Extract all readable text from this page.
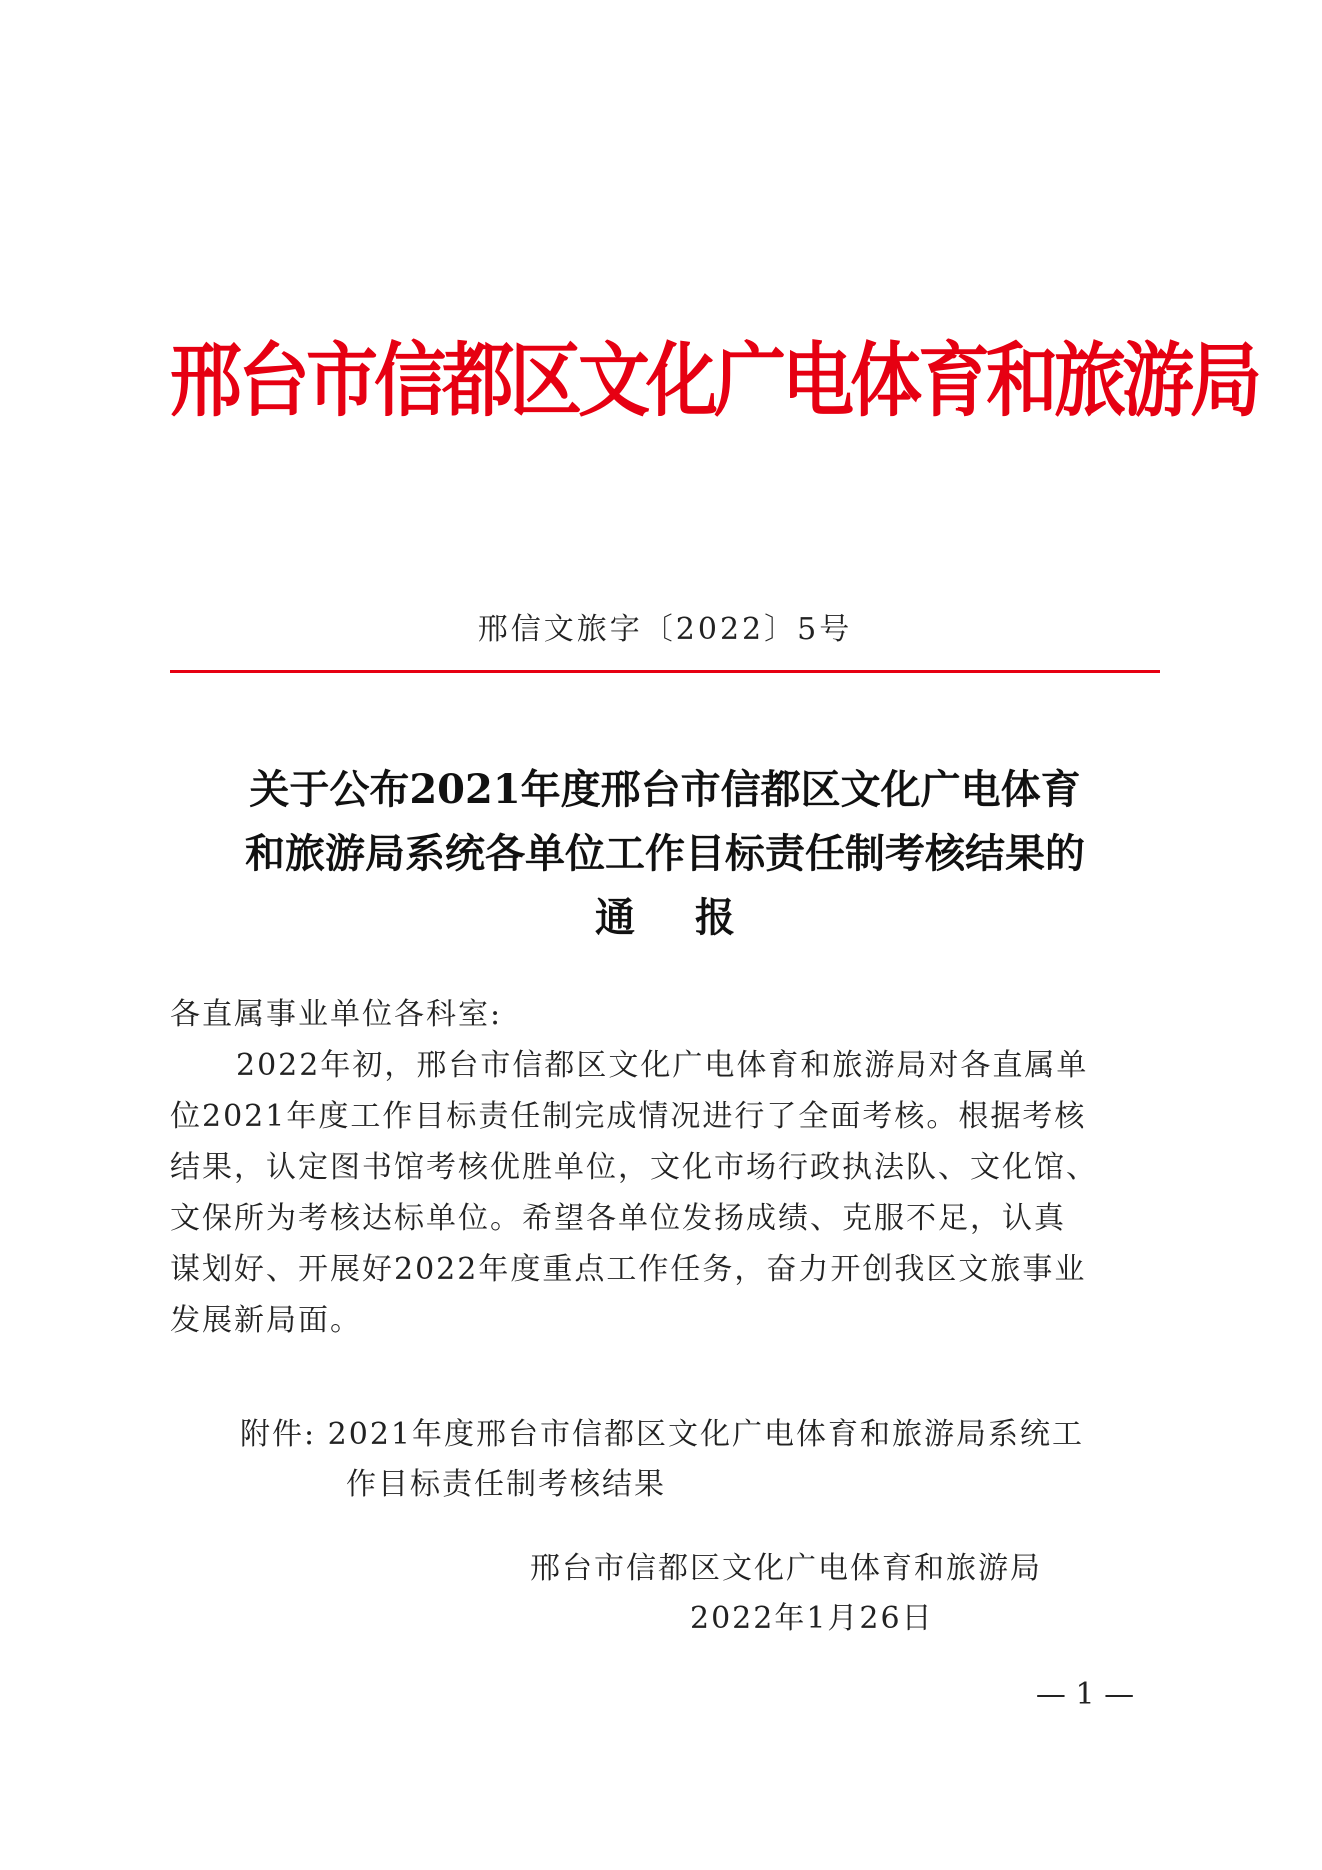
邢台市信都区文化广电体育和旅游局
邢信文旅字〔2022〕5号
关于公布2021年度邢台市信都区文化广电体育
和旅游局系统各单位工作目标责任制考核结果的
通报
各直属事业单位各科室:
2022年初，邢台市信都区文化广电体育和旅游局对各直属单
位2021年度工作目标责任制完成情况进行了全面考核。根据考核
结果，认定图书馆考核优胜单位，文化市场行政执法队、文化馆、
文保所为考核达标单位。希望各单位发扬成绩、克服不足，认真
谋划好、开展好2022年度重点工作任务，奋力开创我区文旅事业
发展新局面。
附件: 2021年度邢台市信都区文化广电体育和旅游局系统工
作目标责任制考核结果
邢台市信都区文化广电体育和旅游局
2022年1月26日
— 1 —
